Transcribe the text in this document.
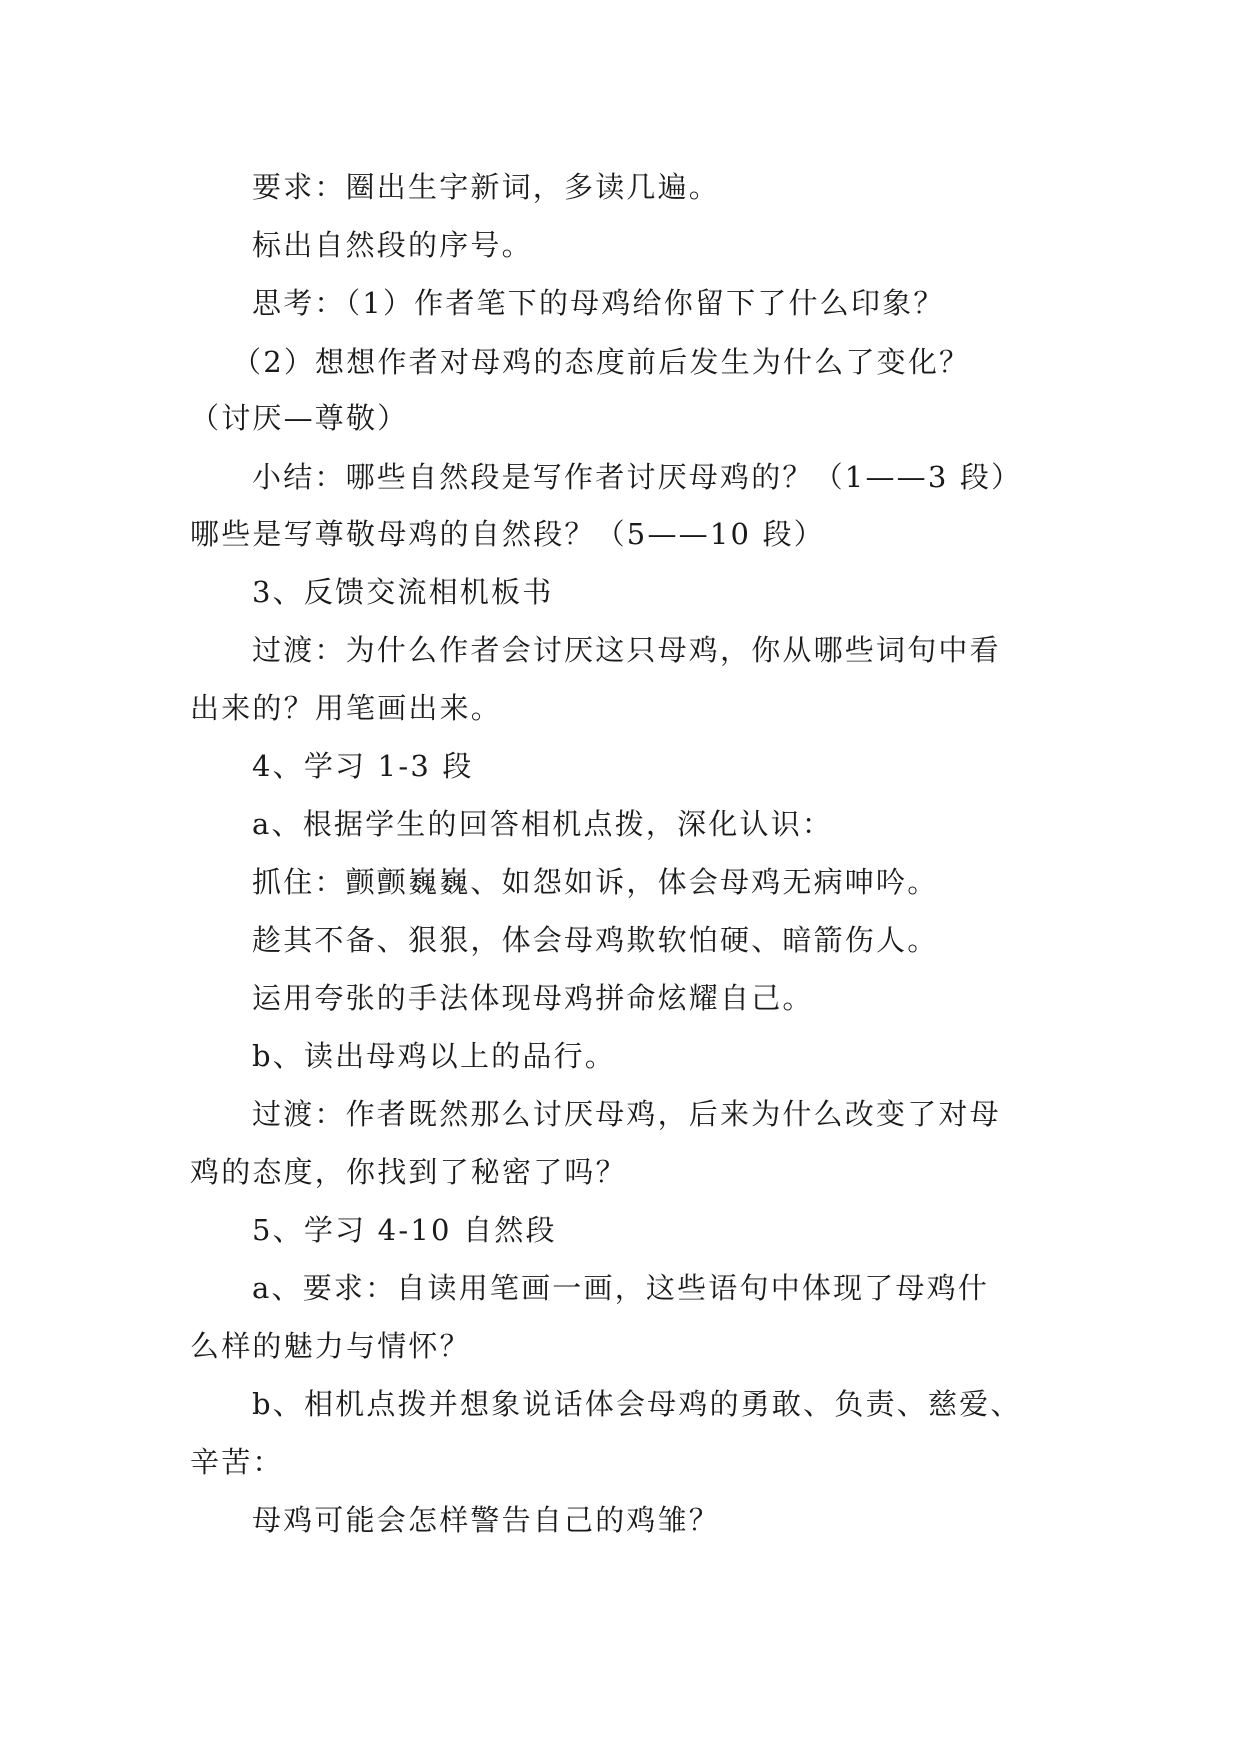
要求：圈出生字新词，多读几遍。
标出自然段的序号。
思考：（1）作者笔下的母鸡给你留下了什么印象？
（2）想想作者对母鸡的态度前后发生为什么了变化？
（讨厌—尊敬）
小结：哪些自然段是写作者讨厌母鸡的？（1——3 段）
哪些是写尊敬母鸡的自然段？（5——10 段）
3、反馈交流相机板书
过渡：为什么作者会讨厌这只母鸡，你从哪些词句中看
出来的？用笔画出来。
4、学习 1-3 段
a、根据学生的回答相机点拨，深化认识：
抓住：颤颤巍巍、如怨如诉，体会母鸡无病呻吟。
趁其不备、狠狠，体会母鸡欺软怕硬、暗箭伤人。
运用夸张的手法体现母鸡拼命炫耀自己。
b、读出母鸡以上的品行。
过渡：作者既然那么讨厌母鸡，后来为什么改变了对母
鸡的态度，你找到了秘密了吗？
5、学习 4-10 自然段
a、要求：自读用笔画一画，这些语句中体现了母鸡什
么样的魅力与情怀？
b、相机点拨并想象说话体会母鸡的勇敢、负责、慈爱、
辛苦：
母鸡可能会怎样警告自己的鸡雏？
